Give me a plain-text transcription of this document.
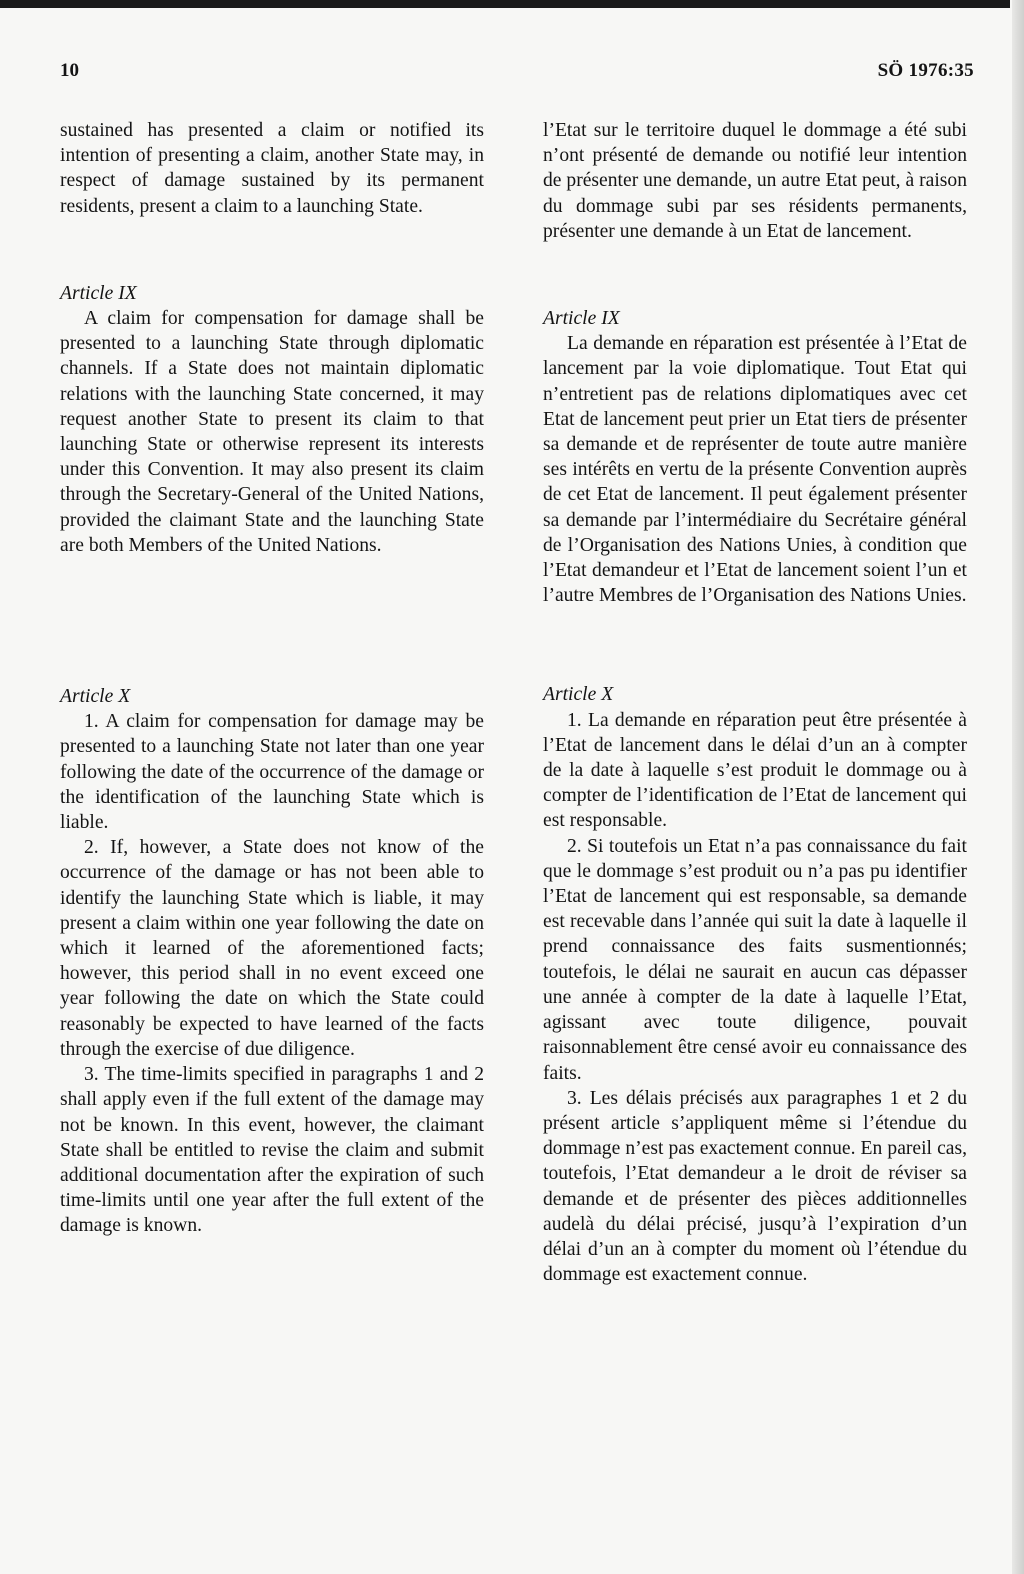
10	SÖ 1976:35

sustained has presented a claim or notified its intention of presenting a claim, another State may, in respect of damage sustained by its permanent residents, present a claim to a launching State.

Article IX

A claim for compensation for damage shall be presented to a launching State through diplomatic channels. If a State does not maintain diplomatic relations with the launching State concerned, it may request another State to present its claim to that launching State or otherwise represent its interests under this Convention. It may also present its claim through the Secretary-General of the United Nations, provided the claimant State and the launching State are both Members of the United Nations.

Article X

1. A claim for compensation for damage may be presented to a launching State not later than one year following the date of the occurrence of the damage or the identification of the launching State which is liable.

2. If, however, a State does not know of the occurrence of the damage or has not been able to identify the launching State which is liable, it may present a claim within one year following the date on which it learned of the aforementioned facts; however, this period shall in no event exceed one year following the date on which the State could reasonably be expected to have learned of the facts through the exercise of due diligence.

3. The time-limits specified in paragraphs 1 and 2 shall apply even if the full extent of the damage may not be known. In this event, however, the claimant State shall be entitled to revise the claim and submit additional documentation after the expiration of such time-limits until one year after the full extent of the damage is known.

l’Etat sur le territoire duquel le dommage a été subi n’ont présenté de demande ou notifié leur intention de présenter une demande, un autre Etat peut, à raison du dommage subi par ses résidents permanents, présenter une demande à un Etat de lancement.

Article IX

La demande en réparation est présentée à l’Etat de lancement par la voie diplomatique. Tout Etat qui n’entretient pas de relations diplomatiques avec cet Etat de lancement peut prier un Etat tiers de présenter sa demande et de représenter de toute autre manière ses intérêts en vertu de la présente Convention auprès de cet Etat de lancement. Il peut également présenter sa demande par l’intermédiaire du Secrétaire général de l’Organisation des Nations Unies, à condition que l’Etat demandeur et l’Etat de lancement soient l’un et l’autre Membres de l’Organisation des Nations Unies.

Article X

1. La demande en réparation peut être présentée à l’Etat de lancement dans le délai d’un an à compter de la date à laquelle s’est produit le dommage ou à compter de l’identification de l’Etat de lancement qui est responsable.

2. Si toutefois un Etat n’a pas connaissance du fait que le dommage s’est produit ou n’a pas pu identifier l’Etat de lancement qui est responsable, sa demande est recevable dans l’année qui suit la date à laquelle il prend connaissance des faits susmentionnés; toutefois, le délai ne saurait en aucun cas dépasser une année à compter de la date à laquelle l’Etat, agissant avec toute diligence, pouvait raisonnablement être censé avoir eu connaissance des faits.

3. Les délais précisés aux paragraphes 1 et 2 du présent article s’appliquent même si l’étendue du dommage n’est pas exactement connue. En pareil cas, toutefois, l’Etat demandeur a le droit de réviser sa demande et de présenter des pièces additionnelles audelà du délai précisé, jusqu’à l’expiration d’un délai d’un an à compter du moment où l’étendue du dommage est exactement connue.
